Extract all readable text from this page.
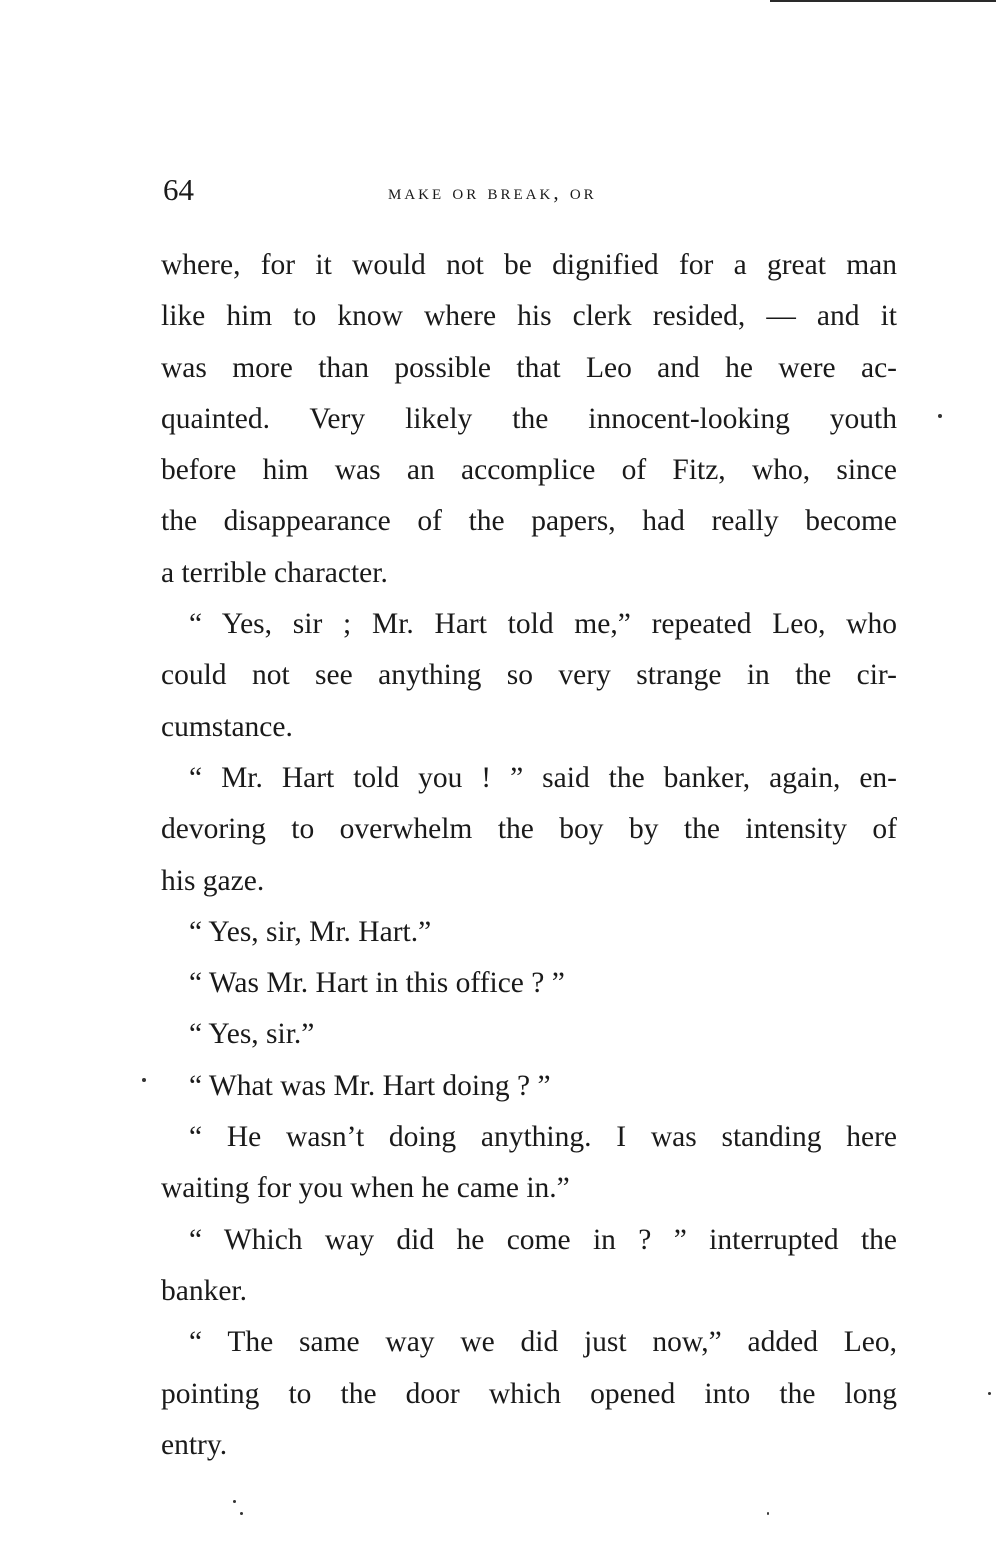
64	make or break, or
where, for it would not be dignified for a great man
like him to know where his clerk resided, — and it
was more than possible that Leo and he were ac-
quainted. Very likely the innocent-looking youth
before him was an accomplice of Fitz, who, since
the disappearance of the papers, had really become
a terrible character.
“ Yes, sir ; Mr. Hart told me,” repeated Leo, who
could not see anything so very strange in the cir-
cumstance.
“ Mr. Hart told you ! ” said the banker, again, en-
devoring to overwhelm the boy by the intensity of
his gaze.
“ Yes, sir, Mr. Hart.”
“ Was Mr. Hart in this office ? ”
“ Yes, sir.”
“ What was Mr. Hart doing ? ”
“ He wasn’t doing anything. I was standing here
waiting for you when he came in.”
“ Which way did he come in ? ” interrupted the
banker.
“ The same way we did just now,” added Leo,
pointing to the door which opened into the long
entry.
